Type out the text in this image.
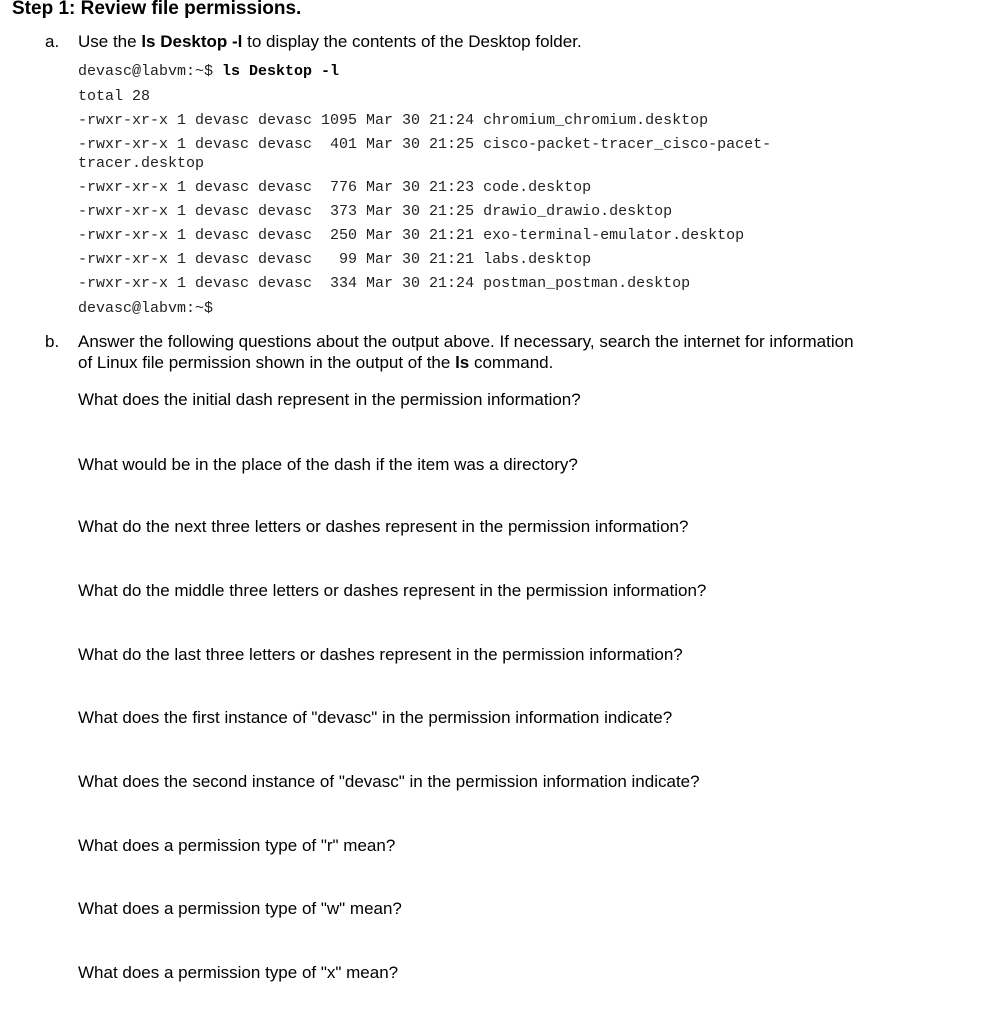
Step 1: Review file permissions.
a. Use the ls Desktop -l to display the contents of the Desktop folder.
devasc@labvm:~$ ls Desktop -l
total 28
-rwxr-xr-x 1 devasc devasc 1095 Mar 30 21:24 chromium_chromium.desktop
-rwxr-xr-x 1 devasc devasc  401 Mar 30 21:25 cisco-packet-tracer_cisco-pacet-
tracer.desktop
-rwxr-xr-x 1 devasc devasc  776 Mar 30 21:23 code.desktop
-rwxr-xr-x 1 devasc devasc  373 Mar 30 21:25 drawio_drawio.desktop
-rwxr-xr-x 1 devasc devasc  250 Mar 30 21:21 exo-terminal-emulator.desktop
-rwxr-xr-x 1 devasc devasc   99 Mar 30 21:21 labs.desktop
-rwxr-xr-x 1 devasc devasc  334 Mar 30 21:24 postman_postman.desktop
devasc@labvm:~$
b. Answer the following questions about the output above. If necessary, search the internet for information
of Linux file permission shown in the output of the ls command.
What does the initial dash represent in the permission information?
What would be in the place of the dash if the item was a directory?
What do the next three letters or dashes represent in the permission information?
What do the middle three letters or dashes represent in the permission information?
What do the last three letters or dashes represent in the permission information?
What does the first instance of "devasc" in the permission information indicate?
What does the second instance of "devasc" in the permission information indicate?
What does a permission type of "r" mean?
What does a permission type of "w" mean?
What does a permission type of "x" mean?
